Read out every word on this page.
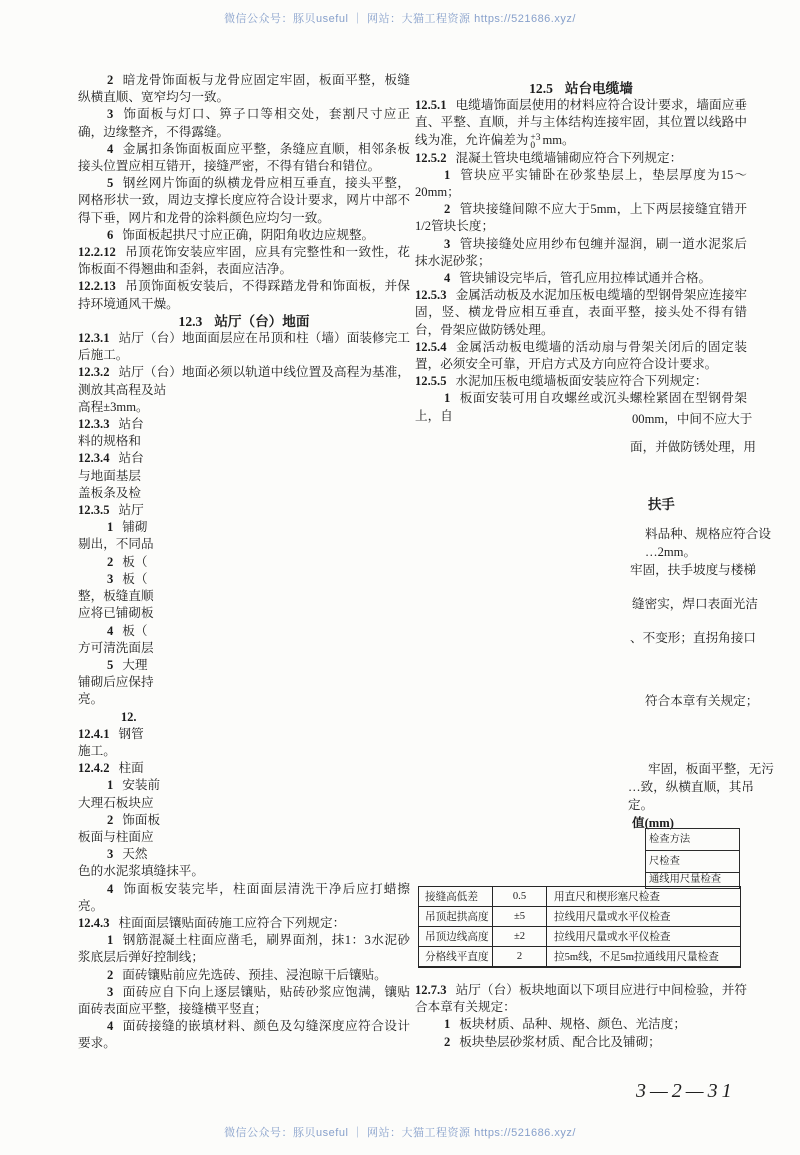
微信公众号：豚贝useful ｜ 网站：大猫工程资源 https://521686.xyz/

2 暗龙骨饰面板与龙骨应固定牢固，板面平整，板缝纵横直顺、宽窄均匀一致。

3 饰面板与灯口、箅子口等相交处，套割尺寸应正确，边缘整齐，不得露缝。

4 金属扣条饰面板面应平整，条缝应直顺，相邻条板接头位置应相互错开，接缝严密，不得有错台和错位。

5 钢丝网片饰面的纵横龙骨应相互垂直，接头平整，网格形状一致，周边支撑长度应符合设计要求，网片中部不得下垂，网片和龙骨的涂料颜色应均匀一致。

6 饰面板起拱尺寸应正确，阴阳角收边应规整。

12.2.12 吊顶花饰安装应牢固，应具有完整性和一致性，花饰板面不得翘曲和歪斜，表面应洁净。

12.2.13 吊顶饰面板安装后，不得踩踏龙骨和饰面板，并保持环境通风干燥。

12.3 站厅（台）地面

12.3.1 站厅（台）地面面层应在吊顶和柱（墙）面装修完工后施工。

12.3.2 站厅（台）地面必须以轨道中线位置及高程为基准，测放其高程及站

高程±3mm。

12.3.3 站台

料的规格和

12.3.4 站台

与地面基层

盖板条及检

12.3.5 站厅

1 铺砌

剔出，不同品

2 板（

3 板（

整，板缝直顺

应将已铺砌板

4 板（

方可清洗面层

5 大理

铺砌后应保持

亮。

12.

12.4.1 钢管

施工。

12.4.2 柱面

1 安装前

大理石板块应

2 饰面板

板面与柱面应

3 天然

色的水泥浆填缝抹平。

4 饰面板安装完毕，柱面面层清洗干净后应打蜡擦亮。

12.4.3 柱面面层镶贴面砖施工应符合下列规定：

1 钢筋混凝土柱面应凿毛，刷界面剂，抹1：3水泥砂浆底层后弹好控制线；

2 面砖镶贴前应先选砖、预挂、浸泡晾干后镶贴。

3 面砖应自下向上逐层镶贴，贴砖砂浆应饱满，镶贴面砖表面应平整，接缝横平竖直；

4 面砖接缝的嵌填材料、颜色及勾缝深度应符合设计要求。

12.5 站台电缆墙

12.5.1 电缆墙饰面层使用的材料应符合设计要求，墙面应垂直、平整、直顺，并与主体结构连接牢固，其位置以线路中线为准，允许偏差为 +3
0 mm。

12.5.2 混凝土管块电缆墙铺砌应符合下列规定：

1 管块应平实铺卧在砂浆垫层上，垫层厚度为15～20mm；

2 管块接缝间隙不应大于5mm，上下两层接缝宜错开1/2管块长度；

3 管块接缝处应用纱布包缠并湿润，刷一道水泥浆后抹水泥砂浆；

4 管块铺设完毕后，管孔应用拉棒试通并合格。

12.5.3 金属活动板及水泥加压板电缆墙的型钢骨架应连接牢固，竖、横龙骨应相互垂直，表面平整，接头处不得有错台，骨架应做防锈处理。

12.5.4 金属活动板电缆墙的活动扇与骨架关闭后的固定装置，必须安全可靠，开启方式及方向应符合设计要求。

12.5.5 水泥加压板电缆墙板面安装应符合下列规定：

1 板面安装可用自攻螺丝或沉头螺栓紧固在型钢骨架上，自	00mm，中间不应大于
面，并做防锈处理，用
扶手
料品种、规格应符合设
…2mm。
牢固，扶手坡度与楼梯
缝密实，焊口表面光洁
、不变形；直拐角接口
符合本章有关规定；
牢固，板面平整，无污
…致，纵横直顺，其吊
定。
值(mm)
检查方法
尺检查
通线用尺量检查
接缝高低差	0.5	用直尺和楔形塞尺检查
吊顶起拱高度	±5	拉线用尺量或水平仪检查
吊顶边线高度	±2	拉线用尺量或水平仪检查
分格线平直度	2	拉5m线，不足5m拉通线用尺量检查

12.7.3 站厅（台）板块地面以下项目应进行中间检验，并符合本章有关规定：

1 板块材质、品种、规格、颜色、光洁度；

2 板块垫层砂浆材质、配合比及铺砌；

3—2—31
微信公众号：豚贝useful ｜ 网站：大猫工程资源 https://521686.xyz/
